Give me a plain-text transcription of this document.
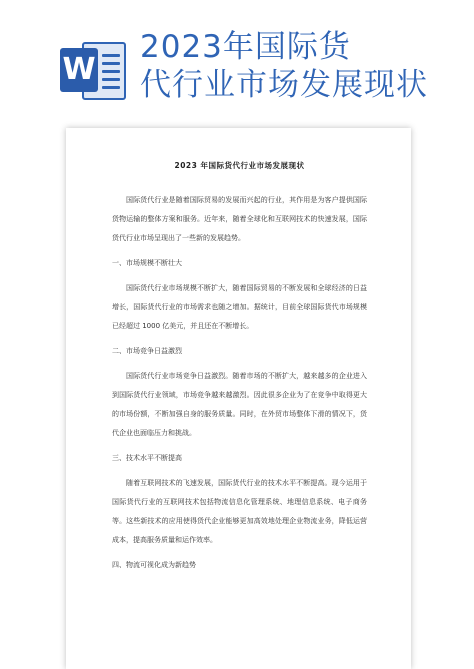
W
2023年国际货
代行业市场发展现状
2023 年国际货代行业市场发展现状
国际货代行业是随着国际贸易的发展而兴起的行业，其作用是为客户提供国际货物运输的整体方案和服务。近年来，随着全球化和互联网技术的快速发展，国际货代行业市场呈现出了一些新的发展趋势。
一、市场规模不断壮大
国际货代行业市场规模不断扩大，随着国际贸易的不断发展和全球经济的日益增长，国际货代行业的市场需求也随之增加。据统计，目前全球国际货代市场规模已经超过 1000 亿美元，并且还在不断增长。
二、市场竞争日益激烈
国际货代行业市场竞争日益激烈。随着市场的不断扩大，越来越多的企业进入到国际货代行业领域，市场竞争越来越激烈。因此很多企业为了在竞争中取得更大的市场份额，不断加强自身的服务质量。同时，在外贸市场整体下滑的情况下，货代企业也面临压力和挑战。
三、技术水平不断提高
随着互联网技术的飞速发展，国际货代行业的技术水平不断提高。现今运用于国际货代行业的互联网技术包括物流信息化管理系统、地理信息系统、电子商务等。这些新技术的应用使得货代企业能够更加高效地处理企业物流业务，降低运营成本，提高服务质量和运作效率。
四、物流可视化成为新趋势
